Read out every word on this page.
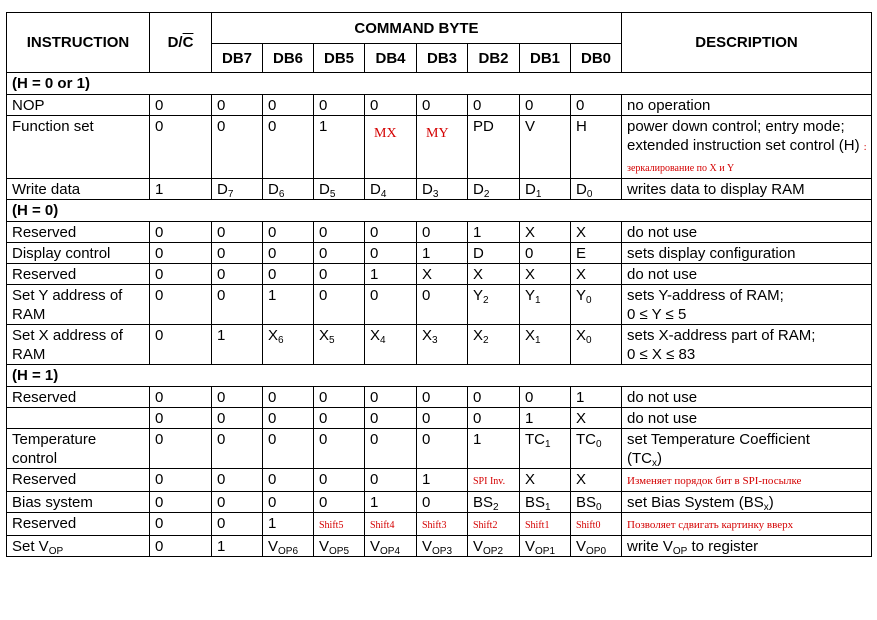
INSTRUCTION	$D/\overline{C}$	COMMAND BYTE								DESCRIPTION
		DB7	DB6	DB5	DB4	DB3	DB2	DB1	DB0	
(H = 0 or 1)										
NOP	0	0	0	0	0	0	0	0	0	no operation
Function set	0	0	0	1	MX	MY	PD	V	H	power down control; entry mode; extended instruction set control (H) : зеркалирование по X и Y
Write data	1	$D_7$	$D_6$	$D_5$	$D_4$	$D_3$	$D_2$	$D_1$	$D_0$	writes data to display RAM
(H = 0)										
Reserved	0	0	0	0	0	0	1	X	X	do not use
Display control	0	0	0	0	0	1	D	0	E	sets display configuration
Reserved	0	0	0	0	1	X	X	X	X	do not use
Set Y address of RAM	0	0	1	0	0	0	$Y_2$	$Y_1$	$Y_0$	sets Y-address of RAM;
0 ≤ Y ≤ 5
Set X address of RAM	0	1	$X_6$	$X_5$	$X_4$	$X_3$	$X_2$	$X_1$	$X_0$	sets X-address part of RAM;
0 ≤ X ≤ 83
(H = 1)										
Reserved	0	0	0	0	0	0	0	0	1	do not use
	0	0	0	0	0	0	0	1	X	do not use
Temperature control	0	0	0	0	0	0	1	$TC_1$	$TC_0$	set Temperature Coefficient
$(TC_x)$
Reserved	0	0	0	0	0	1	SPI Inv.	X	X	Изменяет порядок бит в SPI-посылке
Bias system	0	0	0	0	1	0	$BS_2$	$BS_1$	$BS_0$	set Bias System $(BS_x)$
Reserved	0	0	1	Shift5	Shift4	Shift3	Shift2	Shift1	Shift0	Позволяет сдвигать картинку вверх
Set $V_{OP}$	0	1	$V_{OP6}$	$V_{OP5}$	$V_{OP4}$	$V_{OP3}$	$V_{OP2}$	$V_{OP1}$	$V_{OP0}$	write $V_{OP}$ to register
